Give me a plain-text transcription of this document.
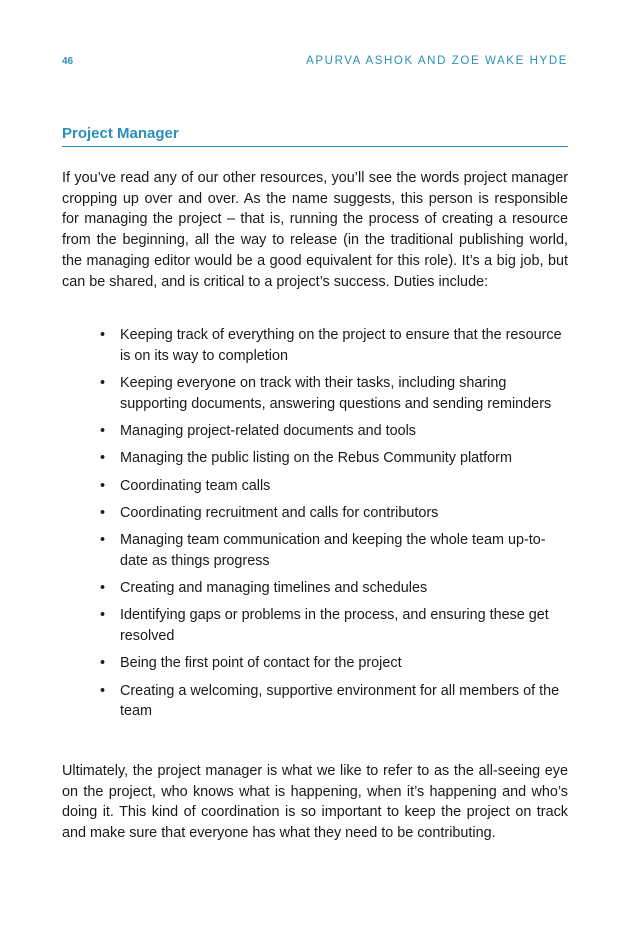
46	APURVA ASHOK AND ZOE WAKE HYDE
Project Manager

If you’ve read any of our other resources, you’ll see the words project manager cropping up over and over. As the name suggests, this person is responsible for managing the project – that is, running the process of creating a resource from the beginning, all the way to release (in the traditional publishing world, the managing editor would be a good equivalent for this role). It’s a big job, but can be shared, and is critical to a project’s success. Duties include:

• Keeping track of everything on the project to ensure that the resource is on its way to completion
• Keeping everyone on track with their tasks, including sharing supporting documents, answering questions and sending reminders
• Managing project-related documents and tools
• Managing the public listing on the Rebus Community platform
• Coordinating team calls
• Coordinating recruitment and calls for contributors
• Managing team communication and keeping the whole team up-to-date as things progress
• Creating and managing timelines and schedules
• Identifying gaps or problems in the process, and ensuring these get resolved
• Being the first point of contact for the project
• Creating a welcoming, supportive environment for all members of the team

Ultimately, the project manager is what we like to refer to as the all-seeing eye on the project, who knows what is happening, when it’s happening and who’s doing it. This kind of coordination is so important to keep the project on track and make sure that everyone has what they need to be contributing.
